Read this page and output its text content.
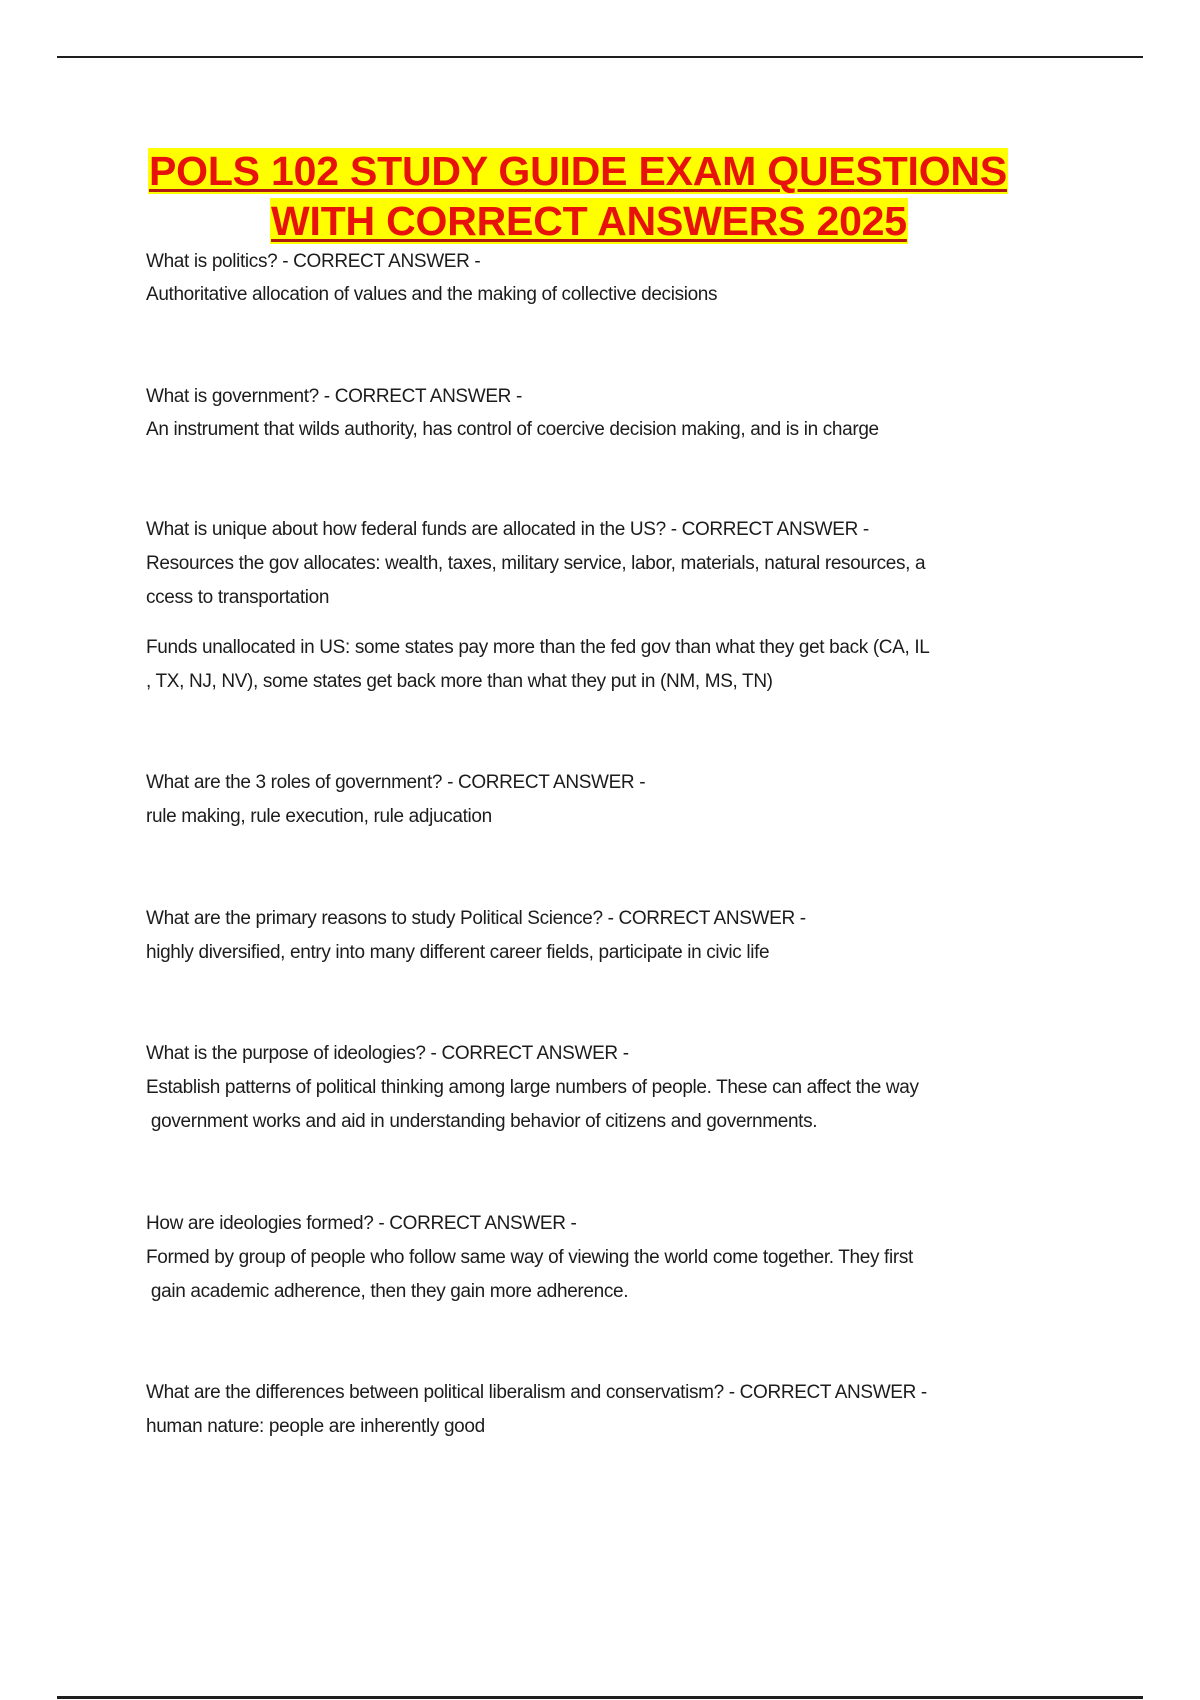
POLS 102 STUDY GUIDE EXAM QUESTIONS
WITH CORRECT ANSWERS 2025
What is politics? - CORRECT ANSWER -
Authoritative allocation of values and the making of collective decisions
What is government? - CORRECT ANSWER -
An instrument that wilds authority, has control of coercive decision making, and is in charge
What is unique about how federal funds are allocated in the US? - CORRECT ANSWER -
Resources the gov allocates: wealth, taxes, military service, labor, materials, natural resources, a
ccess to transportation
Funds unallocated in US: some states pay more than the fed gov than what they get back (CA, IL
, TX, NJ, NV), some states get back more than what they put in (NM, MS, TN)
What are the 3 roles of government? - CORRECT ANSWER -
rule making, rule execution, rule adjucation
What are the primary reasons to study Political Science? - CORRECT ANSWER -
highly diversified, entry into many different career fields, participate in civic life
What is the purpose of ideologies? - CORRECT ANSWER -
Establish patterns of political thinking among large numbers of people. These can affect the way
government works and aid in understanding behavior of citizens and governments.
How are ideologies formed? - CORRECT ANSWER -
Formed by group of people who follow same way of viewing the world come together. They first
gain academic adherence, then they gain more adherence.
What are the differences between political liberalism and conservatism? - CORRECT ANSWER -
human nature: people are inherently good
